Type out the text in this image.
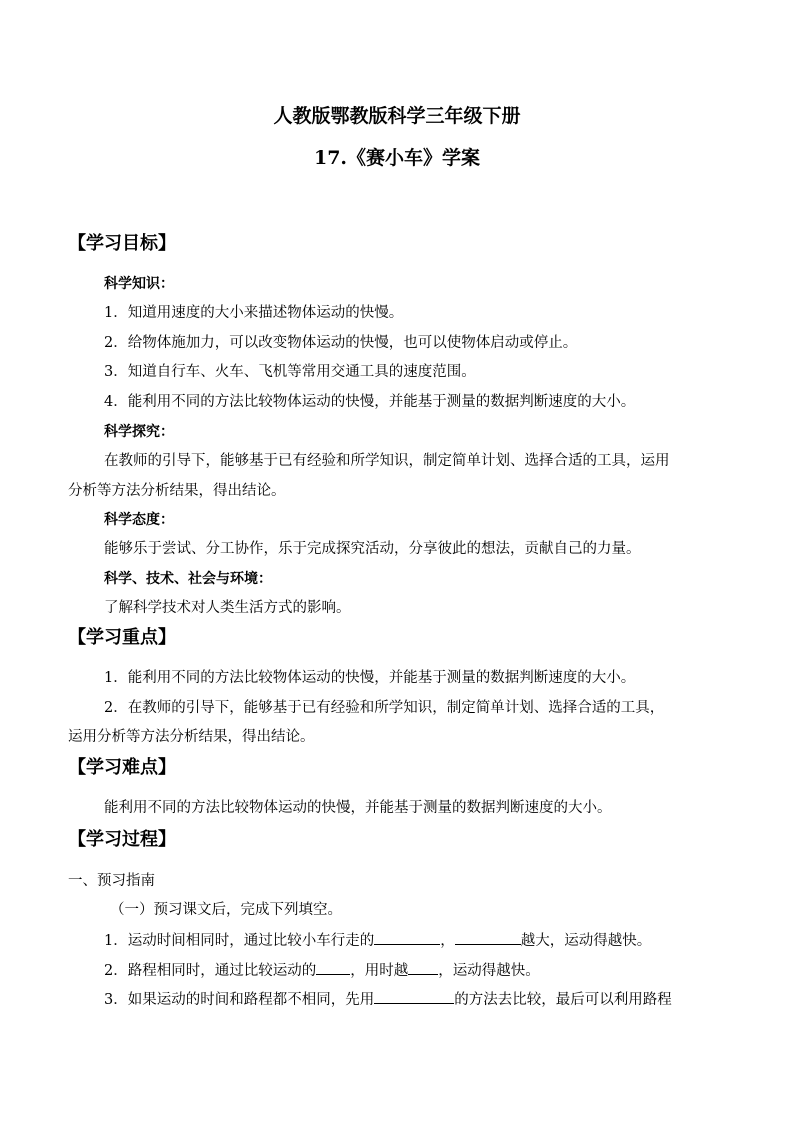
人教版鄂教版科学三年级下册
17.《赛小车》学案
【学习目标】
科学知识：
1．知道用速度的大小来描述物体运动的快慢。
2．给物体施加力，可以改变物体运动的快慢，也可以使物体启动或停止。
3．知道自行车、火车、飞机等常用交通工具的速度范围。
4．能利用不同的方法比较物体运动的快慢，并能基于测量的数据判断速度的大小。
科学探究：
在教师的引导下，能够基于已有经验和所学知识，制定简单计划、选择合适的工具，运用
分析等方法分析结果，得出结论。
科学态度：
能够乐于尝试、分工协作，乐于完成探究活动，分享彼此的想法，贡献自己的力量。
科学、技术、社会与环境：
了解科学技术对人类生活方式的影响。
【学习重点】
1．能利用不同的方法比较物体运动的快慢，并能基于测量的数据判断速度的大小。
2．在教师的引导下，能够基于已有经验和所学知识，制定简单计划、选择合适的工具，
运用分析等方法分析结果，得出结论。
【学习难点】
能利用不同的方法比较物体运动的快慢，并能基于测量的数据判断速度的大小。
【学习过程】
一、预习指南
（一）预习课文后，完成下列填空。
1．运动时间相同时，通过比较小车行走的	，	越大，运动得越快。
2．路程相同时，通过比较运动的 ，用时越 ，运动得越快。
3．如果运动的时间和路程都不相同，先用	的方法去比较，最后可以利用路程
